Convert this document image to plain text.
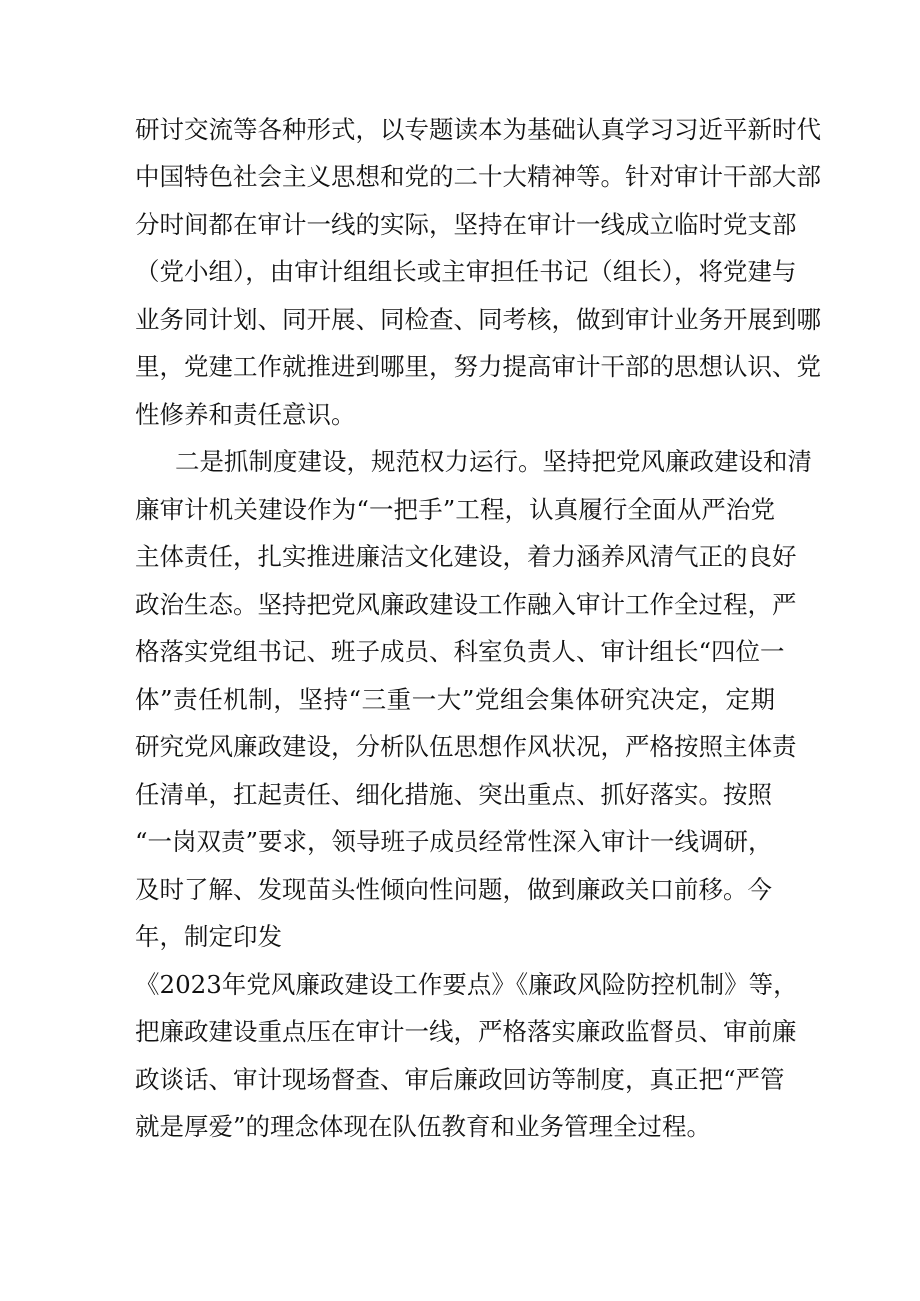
研讨交流等各种形式，以专题读本为基础认真学习习近平新时代

中国特色社会主义思想和党的二十大精神等。针对审计干部大部

分时间都在审计一线的实际，坚持在审计一线成立临时党支部

（党小组），由审计组组长或主审担任书记（组长），将党建与

业务同计划、同开展、同检查、同考核，做到审计业务开展到哪

里，党建工作就推进到哪里，努力提高审计干部的思想认识、党

性修养和责任意识。

二是抓制度建设，规范权力运行。坚持把党风廉政建设和清

廉审计机关建设作为“一把手”工程，认真履行全面从严治党

主体责任，扎实推进廉洁文化建设，着力涵养风清气正的良好

政治生态。坚持把党风廉政建设工作融入审计工作全过程，严

格落实党组书记、班子成员、科室负责人、审计组长“四位一

体”责任机制，坚持“三重一大”党组会集体研究决定，定期

研究党风廉政建设，分析队伍思想作风状况，严格按照主体责

任清单，扛起责任、细化措施、突出重点、抓好落实。按照

“一岗双责”要求，领导班子成员经常性深入审计一线调研，

及时了解、发现苗头性倾向性问题，做到廉政关口前移。今

年，制定印发

《2023年党风廉政建设工作要点》《廉政风险防控机制》等，

把廉政建设重点压在审计一线，严格落实廉政监督员、审前廉

政谈话、审计现场督查、审后廉政回访等制度，真正把“严管

就是厚爱”的理念体现在队伍教育和业务管理全过程。
